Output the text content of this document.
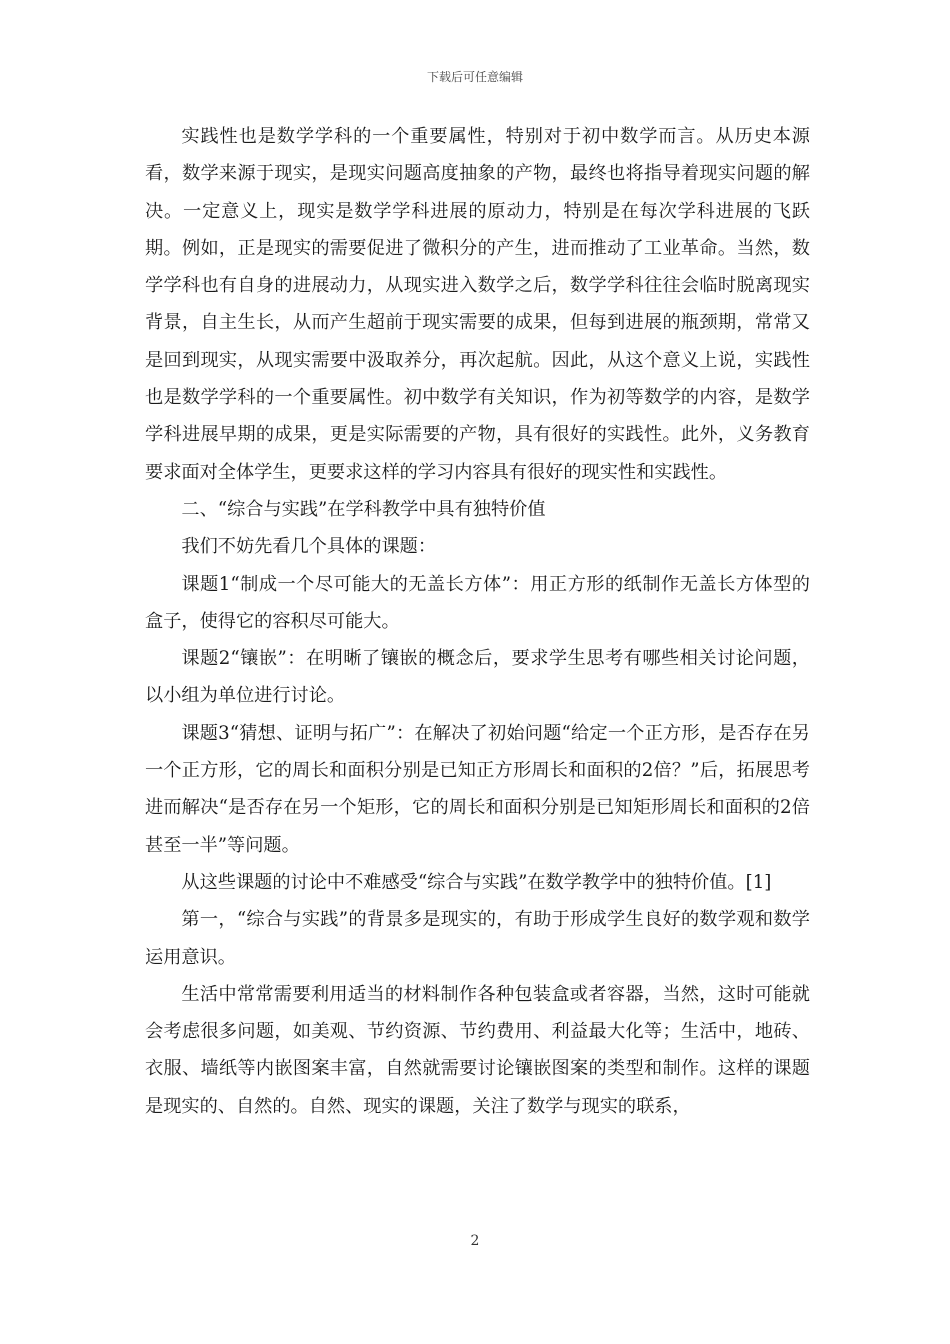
下载后可任意编辑

实践性也是数学学科的一个重要属性，特别对于初中数学而言。从历史本源看，数学来源于现实，是现实问题高度抽象的产物，最终也将指导着现实问题的解决。一定意义上，现实是数学学科进展的原动力，特别是在每次学科进展的飞跃期。例如，正是现实的需要促进了微积分的产生，进而推动了工业革命。当然，数学学科也有自身的进展动力，从现实进入数学之后，数学学科往往会临时脱离现实背景，自主生长，从而产生超前于现实需要的成果，但每到进展的瓶颈期，常常又是回到现实，从现实需要中汲取养分，再次起航。因此，从这个意义上说，实践性也是数学学科的一个重要属性。初中数学有关知识，作为初等数学的内容，是数学学科进展早期的成果，更是实际需要的产物，具有很好的实践性。此外，义务教育要求面对全体学生，更要求这样的学习内容具有很好的现实性和实践性。

二、“综合与实践”在学科教学中具有独特价值

我们不妨先看几个具体的课题：

课题1“制成一个尽可能大的无盖长方体”：用正方形的纸制作无盖长方体型的盒子，使得它的容积尽可能大。

课题2“镶嵌”：在明晰了镶嵌的概念后，要求学生思考有哪些相关讨论问题，以小组为单位进行讨论。

课题3“猜想、证明与拓广”：在解决了初始问题“给定一个正方形，是否存在另一个正方形，它的周长和面积分别是已知正方形周长和面积的2倍？”后，拓展思考进而解决“是否存在另一个矩形，它的周长和面积分别是已知矩形周长和面积的2倍甚至一半”等问题。

从这些课题的讨论中不难感受“综合与实践”在数学教学中的独特价值。[1]

第一，“综合与实践”的背景多是现实的，有助于形成学生良好的数学观和数学运用意识。

生活中常常需要利用适当的材料制作各种包装盒或者容器，当然，这时可能就会考虑很多问题，如美观、节约资源、节约费用、利益最大化等；生活中，地砖、衣服、墙纸等内嵌图案丰富，自然就需要讨论镶嵌图案的类型和制作。这样的课题是现实的、自然的。自然、现实的课题，关注了数学与现实的联系，

2
